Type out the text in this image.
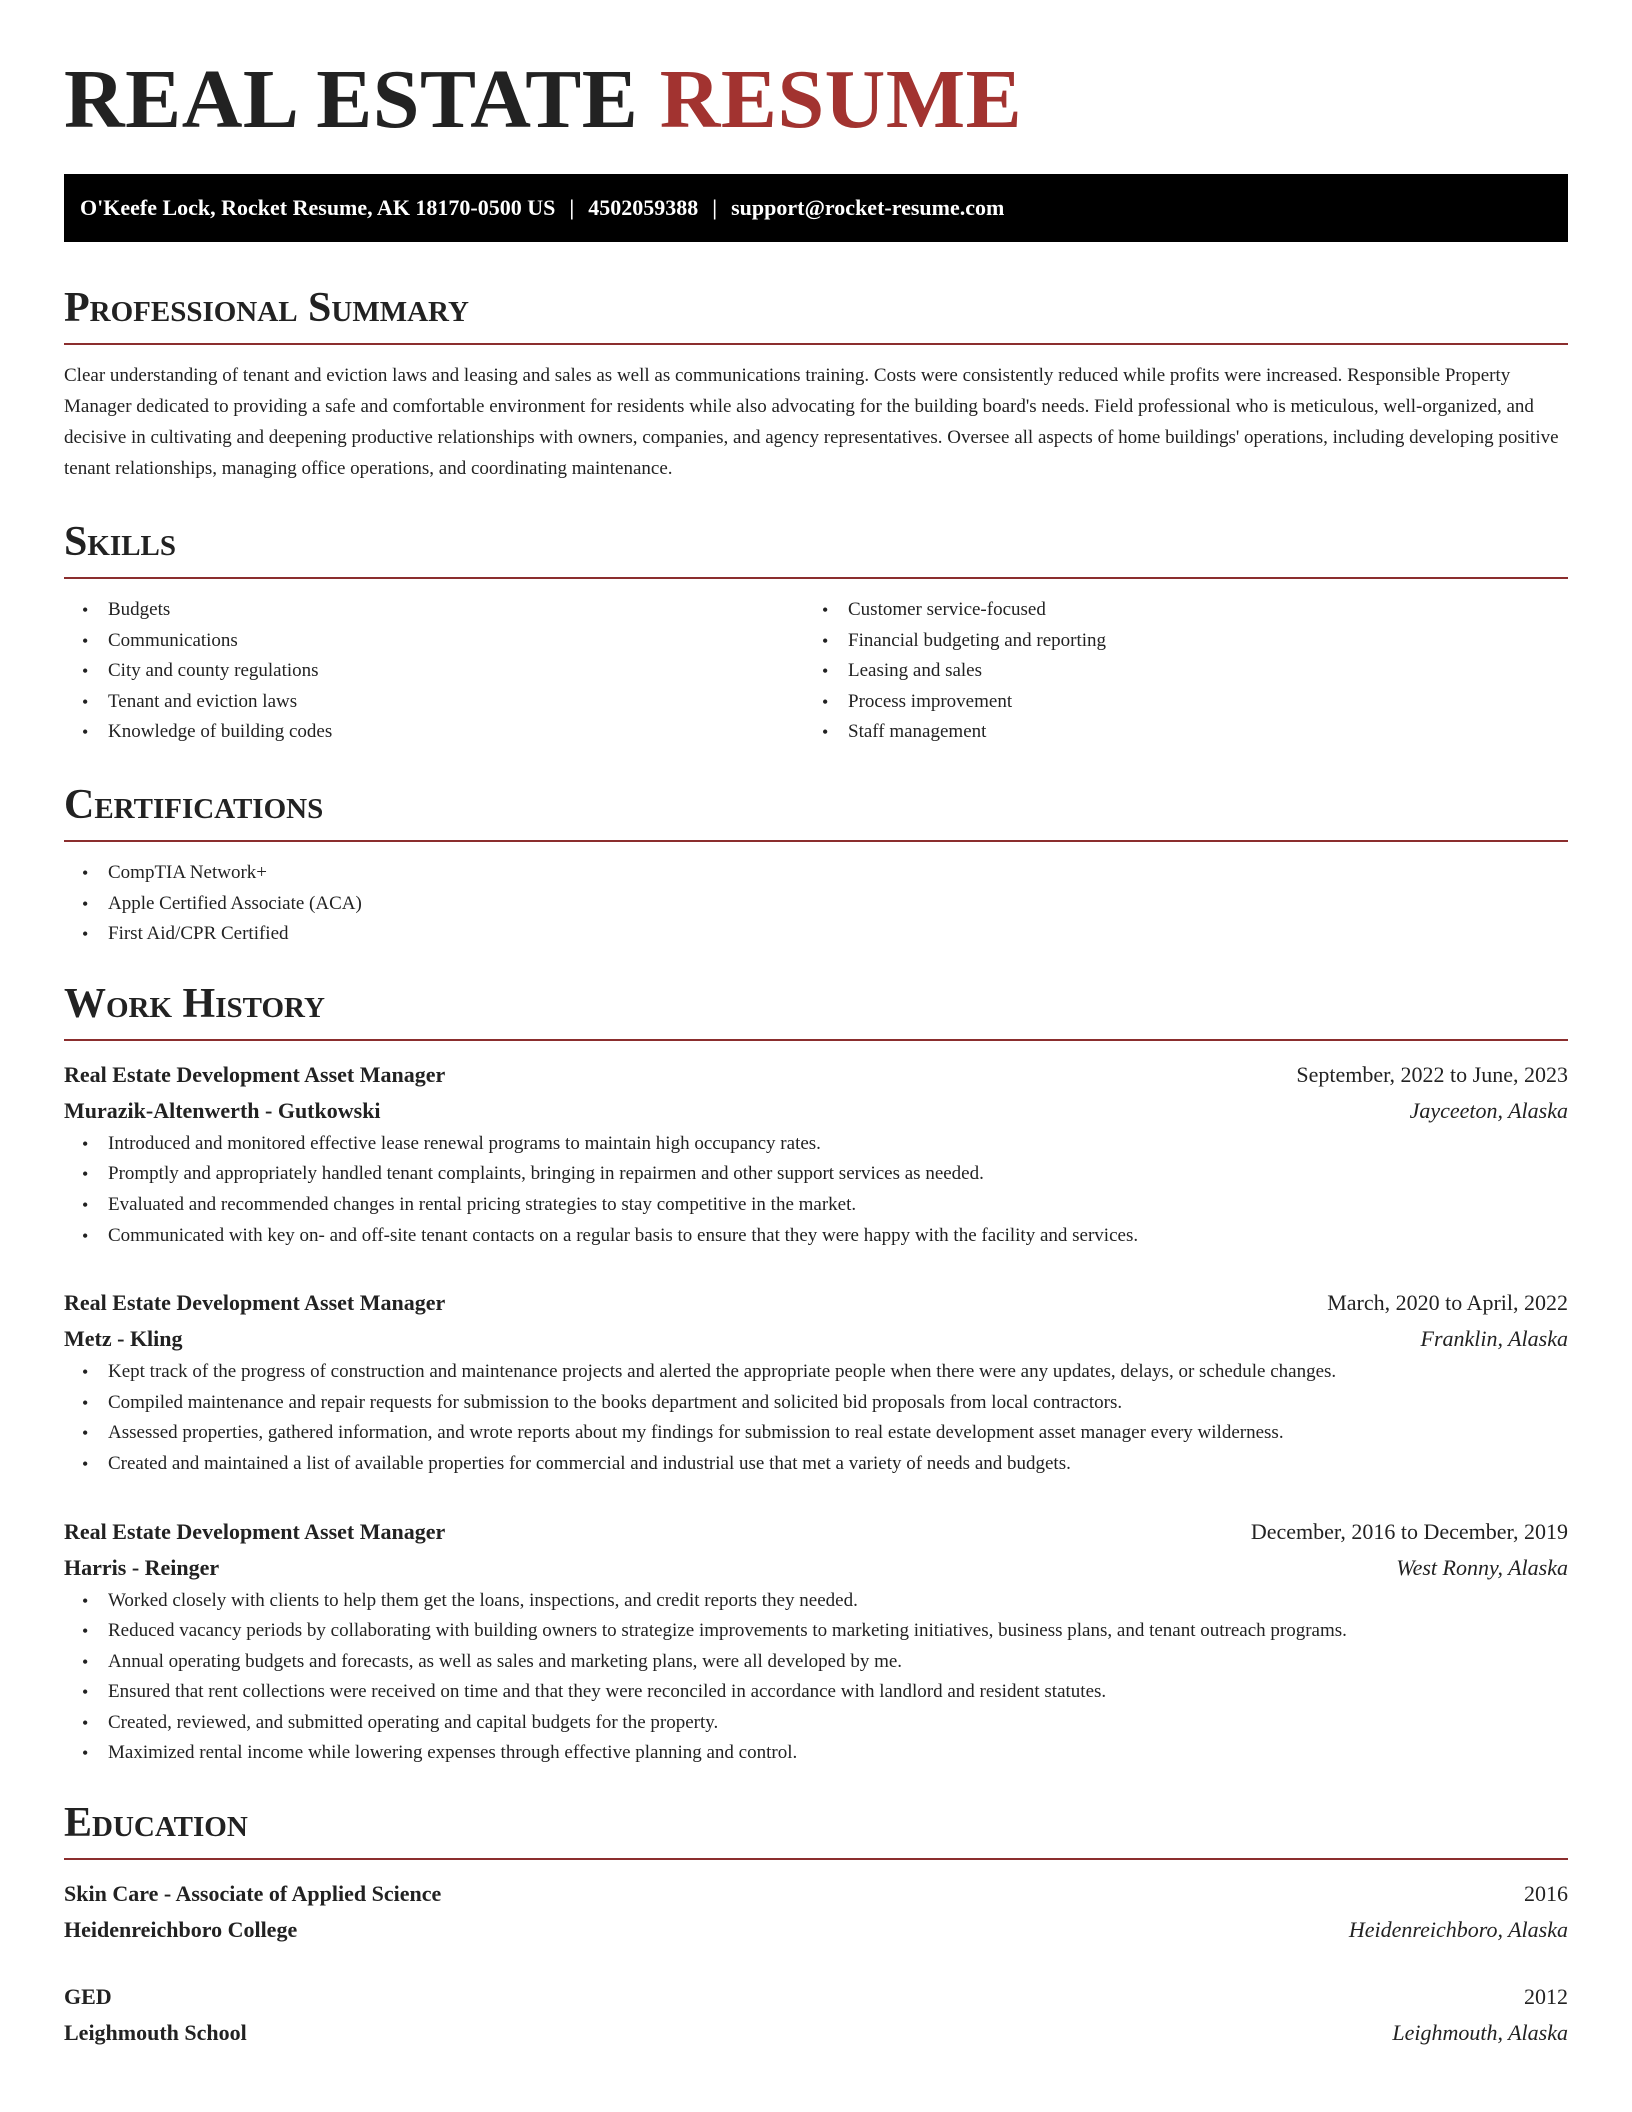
REAL ESTATE RESUME
O'Keefe Lock, Rocket Resume, AK 18170-0500 US | 4502059388 | support@rocket-resume.com
Professional Summary

Clear understanding of tenant and eviction laws and leasing and sales as well as communications training. Costs were consistently reduced while profits were increased. Responsible Property Manager dedicated to providing a safe and comfortable environment for residents while also advocating for the building board's needs. Field professional who is meticulous, well-organized, and decisive in cultivating and deepening productive relationships with owners, companies, and agency representatives. Oversee all aspects of home buildings' operations, including developing positive tenant relationships, managing office operations, and coordinating maintenance.

Skills
• Budgets
• Communications
• City and county regulations
• Tenant and eviction laws
• Knowledge of building codes
• Customer service-focused
• Financial budgeting and reporting
• Leasing and sales
• Process improvement
• Staff management
Certifications
• CompTIA Network+
• Apple Certified Associate (ACA)
• First Aid/CPR Certified
Work History
Real Estate Development Asset Manager	September, 2022 to June, 2023
Murazik-Altenwerth - Gutkowski	Jayceeton, Alaska
• Introduced and monitored effective lease renewal programs to maintain high occupancy rates.
• Promptly and appropriately handled tenant complaints, bringing in repairmen and other support services as needed.
• Evaluated and recommended changes in rental pricing strategies to stay competitive in the market.
• Communicated with key on- and off-site tenant contacts on a regular basis to ensure that they were happy with the facility and services.
Real Estate Development Asset Manager	March, 2020 to April, 2022
Metz - Kling	Franklin, Alaska
• Kept track of the progress of construction and maintenance projects and alerted the appropriate people when there were any updates, delays, or schedule changes.
• Compiled maintenance and repair requests for submission to the books department and solicited bid proposals from local contractors.
• Assessed properties, gathered information, and wrote reports about my findings for submission to real estate development asset manager every wilderness.
• Created and maintained a list of available properties for commercial and industrial use that met a variety of needs and budgets.
Real Estate Development Asset Manager	December, 2016 to December, 2019
Harris - Reinger	West Ronny, Alaska
• Worked closely with clients to help them get the loans, inspections, and credit reports they needed.
• Reduced vacancy periods by collaborating with building owners to strategize improvements to marketing initiatives, business plans, and tenant outreach programs.
• Annual operating budgets and forecasts, as well as sales and marketing plans, were all developed by me.
• Ensured that rent collections were received on time and that they were reconciled in accordance with landlord and resident statutes.
• Created, reviewed, and submitted operating and capital budgets for the property.
• Maximized rental income while lowering expenses through effective planning and control.
Education
Skin Care - Associate of Applied Science	2016
Heidenreichboro College	Heidenreichboro, Alaska
GED	2012
Leighmouth School	Leighmouth, Alaska
